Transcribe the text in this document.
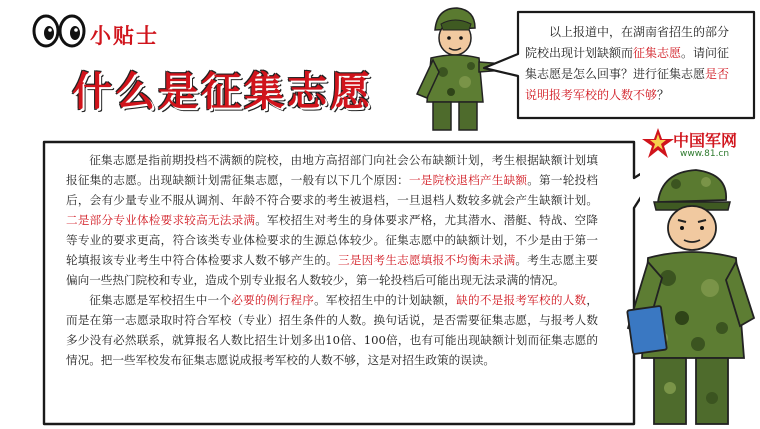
小贴士
什么是征集志愿

以上报道中，在湖南省招生的部分院校出现计划缺额而征集志愿。请问征集志愿是怎么回事？进行征集志愿是否说明报考军校的人数不够？

征集志愿是指前期投档不满额的院校，由地方高招部门向社会公布缺额计划，考生根据缺额计划填报征集的志愿。出现缺额计划需征集志愿，一般有以下几个原因：一是院校退档产生缺额。第一轮投档后，会有少量专业不服从调剂、年龄不符合要求的考生被退档，一旦退档人数较多就会产生缺额计划。二是部分专业体检要求较高无法录满。军校招生对考生的身体要求严格，尤其潜水、潜艇、特战、空降等专业的要求更高，符合该类专业体检要求的生源总体较少。征集志愿中的缺额计划，不少是由于第一轮填报该专业考生中符合体检要求人数不够产生的。三是因考生志愿填报不均衡未录满。考生志愿主要偏向一些热门院校和专业，造成个别专业报名人数较少，第一轮投档后可能出现无法录满的情况。

征集志愿是军校招生中一个必要的例行程序。军校招生中的计划缺额，缺的不是报考军校的人数，而是在第一志愿录取时符合军校（专业）招生条件的人数。换句话说，是否需要征集志愿，与报考人数多少没有必然联系，就算报名人数比招生计划多出10倍、100倍，也有可能出现缺额计划而征集志愿的情况。把一些军校发布征集志愿说成报考军校的人数不够，这是对招生政策的误读。

中国军网
www.81.cn
